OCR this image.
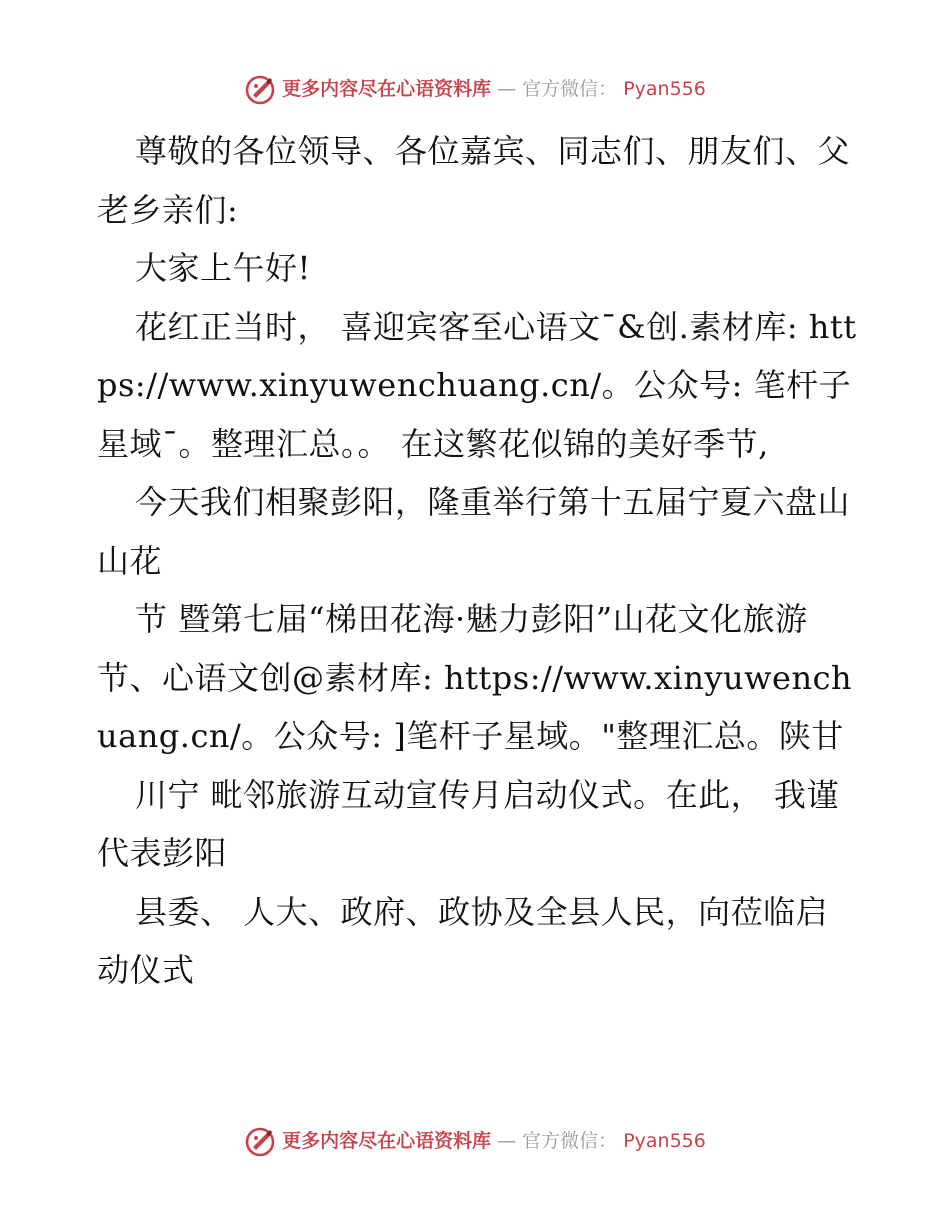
更多内容尽在心语资料库 — 官方微信： Pyan556

尊敬的各位领导、各位嘉宾、同志们、朋友们、父老乡亲们:

大家上午好!

花红正当时， 喜迎宾客至心语文¯&创.素材库: https://www.xinyuwenchuang.cn/。公众号: 笔杆子星域¯。整理汇总。。 在这繁花似锦的美好季节,

今天我们相聚彭阳，隆重举行第十五届宁夏六盘山山花

节 暨第七届“梯田花海·魅力彭阳”山花文化旅游节、心语文创@素材库: https://www.xinyuwenchuang.cn/。公众号: ]笔杆子星域。"整理汇总。陕甘

川宁 毗邻旅游互动宣传月启动仪式。在此， 我谨代表彭阳

县委、 人大、政府、政协及全县人民，向莅临启动仪式

更多内容尽在心语资料库 — 官方微信： Pyan556
